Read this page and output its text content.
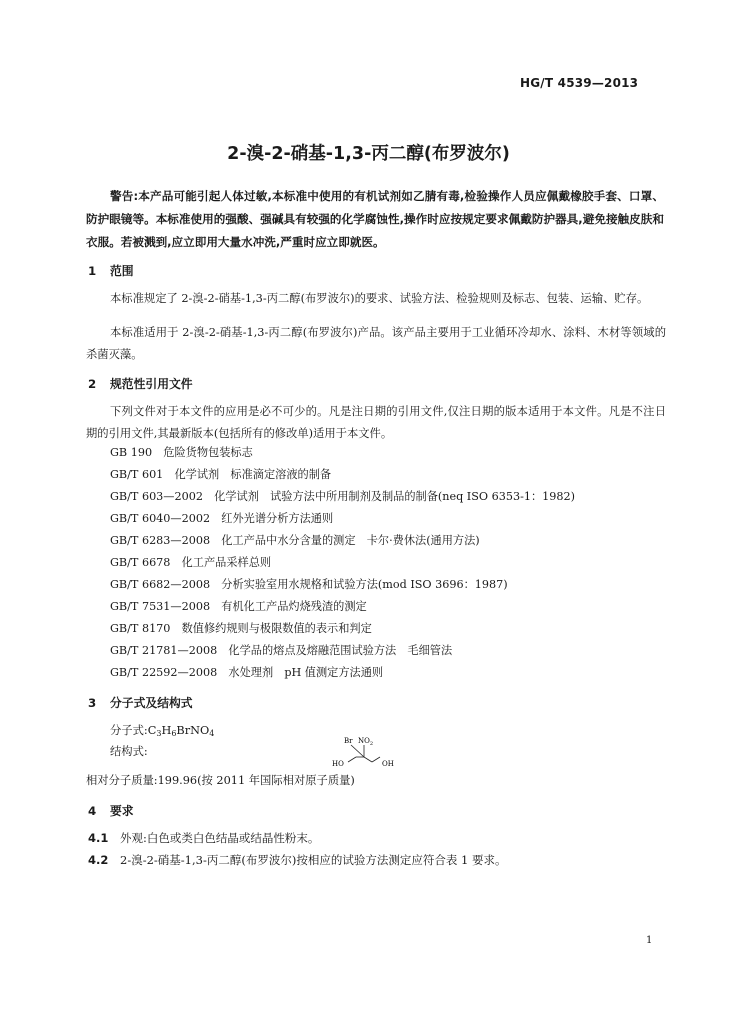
HG/T 4539—2013
2-溴-2-硝基-1,3-丙二醇(布罗波尔)
警告:本产品可能引起人体过敏,本标准中使用的有机试剂如乙腈有毒,检验操作人员应佩戴橡胶手套、口罩、防护眼镜等。本标准使用的强酸、强碱具有较强的化学腐蚀性,操作时应按规定要求佩戴防护器具,避免接触皮肤和衣服。若被溅到,应立即用大量水冲洗,严重时应立即就医。
1 范围
本标准规定了 2-溴-2-硝基-1,3-丙二醇(布罗波尔)的要求、试验方法、检验规则及标志、包装、运输、贮存。
本标准适用于 2-溴-2-硝基-1,3-丙二醇(布罗波尔)产品。该产品主要用于工业循环冷却水、涂料、木材等领域的杀菌灭藻。
2 规范性引用文件
下列文件对于本文件的应用是必不可少的。凡是注日期的引用文件,仅注日期的版本适用于本文件。凡是不注日期的引用文件,其最新版本(包括所有的修改单)适用于本文件。
GB 190　危险货物包装标志
GB/T 601　化学试剂　标准滴定溶液的制备
GB/T 603—2002　化学试剂　试验方法中所用制剂及制品的制备(neq ISO 6353-1：1982)
GB/T 6040—2002　红外光谱分析方法通则
GB/T 6283—2008　化工产品中水分含量的测定　卡尔·费休法(通用方法)
GB/T 6678　化工产品采样总则
GB/T 6682—2008　分析实验室用水规格和试验方法(mod ISO 3696：1987)
GB/T 7531—2008　有机化工产品灼烧残渣的测定
GB/T 8170　数值修约规则与极限数值的表示和判定
GB/T 21781—2008　化学品的熔点及熔融范围试验方法　毛细管法
GB/T 22592—2008　水处理剂　pH 值测定方法通则
3 分子式及结构式
分子式$:C_3H_6BrNO_4$
结构式:
Br $NO_2$
HO	OH
相对分子质量:199.96(按 2011 年国际相对原子质量)
4 要求
4.1 外观:白色或类白色结晶或结晶性粉末。
4.2 2-溴-2-硝基-1,3-丙二醇(布罗波尔)按相应的试验方法测定应符合表 1 要求。
1
